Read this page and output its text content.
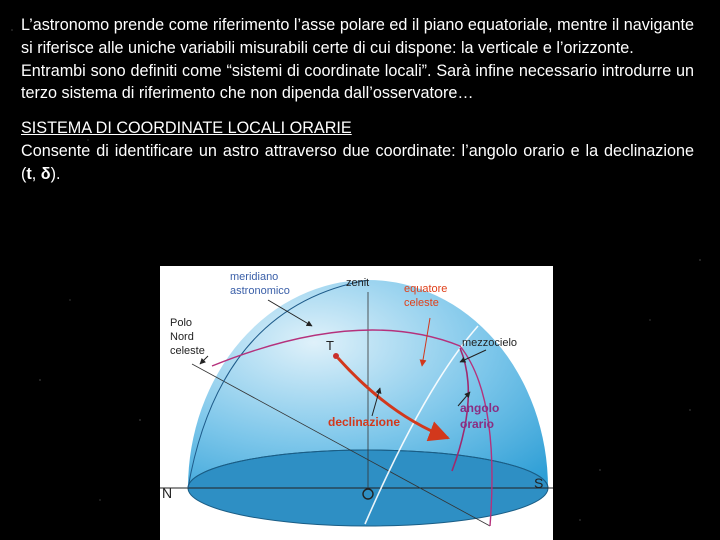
L’astronomo prende come riferimento l’asse polare ed il piano equatoriale, mentre il navigante si riferisce alle uniche variabili misurabili certe di cui dispone: la verticale e l’orizzonte.

Entrambi sono definiti come “sistemi di coordinate locali”. Sarà infine necessario introdurre un terzo sistema di riferimento che non dipenda dall’osservatore…

SISTEMA DI COORDINATE LOCALI ORARIE

Consente di identificare un astro attraverso due coordinate: l’angolo orario e la declinazione (t, δ).

meridiano
astronomico
zenit	equatore
celeste
Polo
Nord
celeste
mezzocielo
T
angolo
orario
declinazione
N
S
